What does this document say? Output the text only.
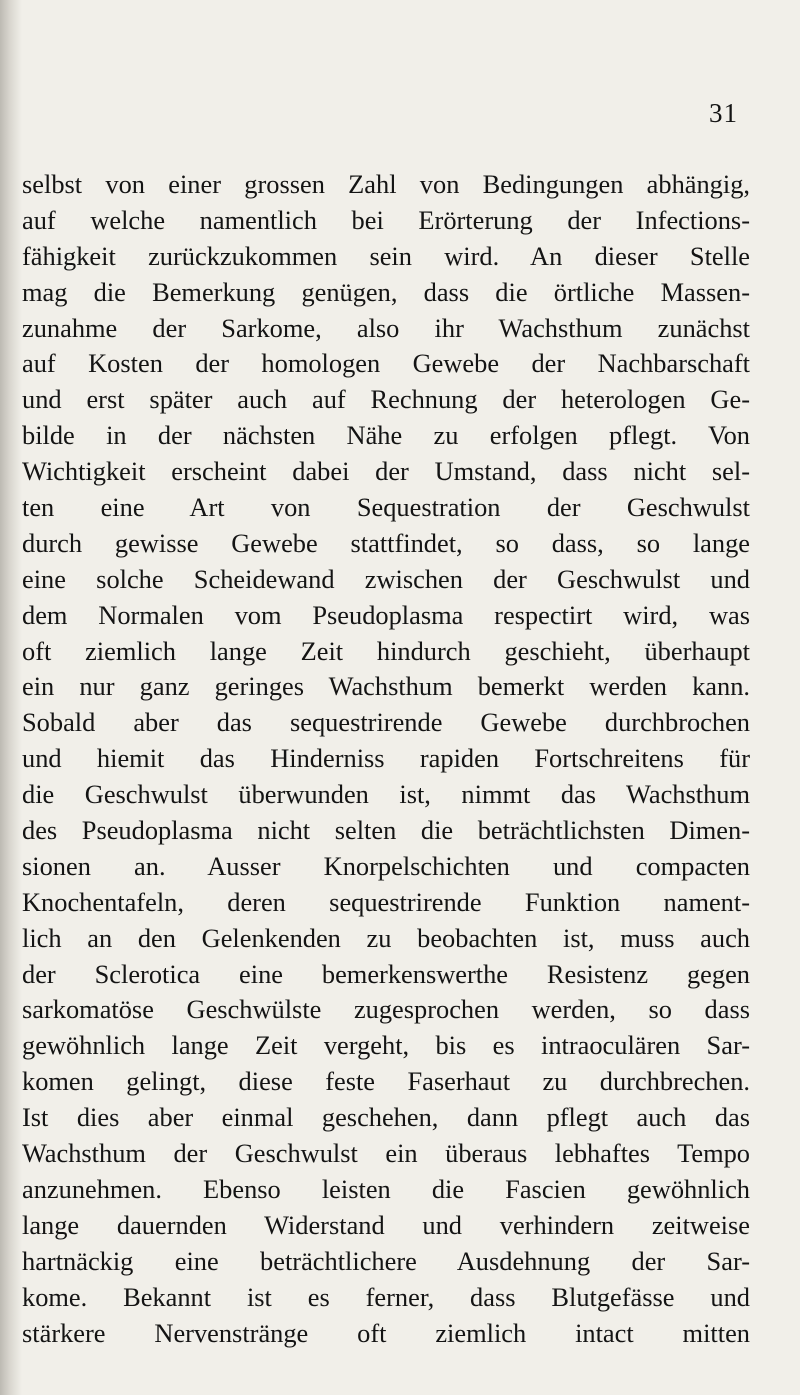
31
selbst von einer grossen Zahl von Bedingungen abhängig,
auf welche namentlich bei Erörterung der Infections-
fähigkeit zurückzukommen sein wird. An dieser Stelle
mag die Bemerkung genügen, dass die örtliche Massen-
zunahme der Sarkome, also ihr Wachsthum zunächst
auf Kosten der homologen Gewebe der Nachbarschaft
und erst später auch auf Rechnung der heterologen Ge-
bilde in der nächsten Nähe zu erfolgen pflegt. Von
Wichtigkeit erscheint dabei der Umstand, dass nicht sel-
ten eine Art von Sequestration der Geschwulst
durch gewisse Gewebe stattfindet, so dass, so lange
eine solche Scheidewand zwischen der Geschwulst und
dem Normalen vom Pseudoplasma respectirt wird, was
oft ziemlich lange Zeit hindurch geschieht, überhaupt
ein nur ganz geringes Wachsthum bemerkt werden kann.
Sobald aber das sequestrirende Gewebe durchbrochen
und hiemit das Hinderniss rapiden Fortschreitens für
die Geschwulst überwunden ist, nimmt das Wachsthum
des Pseudoplasma nicht selten die beträchtlichsten Dimen-
sionen an. Ausser Knorpelschichten und compacten
Knochentafeln, deren sequestrirende Funktion nament-
lich an den Gelenkenden zu beobachten ist, muss auch
der Sclerotica eine bemerkenswerthe Resistenz gegen
sarkomatöse Geschwülste zugesprochen werden, so dass
gewöhnlich lange Zeit vergeht, bis es intraoculären Sar-
komen gelingt, diese feste Faserhaut zu durchbrechen.
Ist dies aber einmal geschehen, dann pflegt auch das
Wachsthum der Geschwulst ein überaus lebhaftes Tempo
anzunehmen. Ebenso leisten die Fascien gewöhnlich
lange dauernden Widerstand und verhindern zeitweise
hartnäckig eine beträchtlichere Ausdehnung der Sar-
kome. Bekannt ist es ferner, dass Blutgefässe und
stärkere Nervenstränge oft ziemlich intact mitten
